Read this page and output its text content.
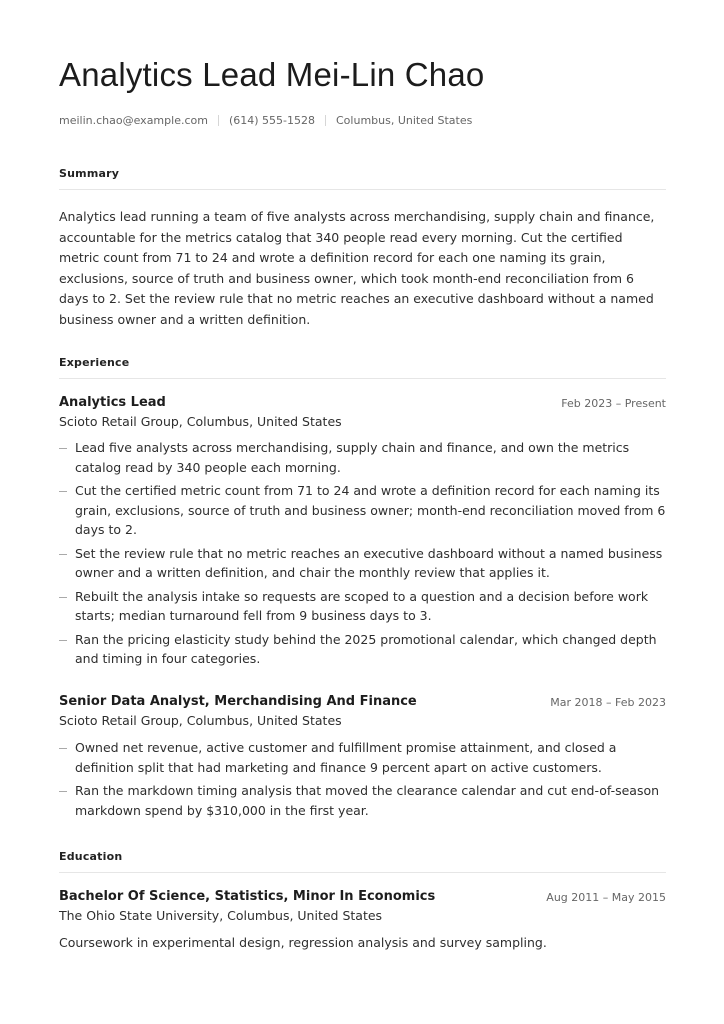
Analytics Lead Mei-Lin Chao
meilin.chao@example.com (614) 555-1528 Columbus, United States
Summary

Analytics lead running a team of five analysts across merchandising, supply chain and finance, accountable for the metrics catalog that 340 people read every morning. Cut the certified metric count from 71 to 24 and wrote a definition record for each one naming its grain, exclusions, source of truth and business owner, which took month-end reconciliation from 6 days to 2. Set the review rule that no metric reaches an executive dashboard without a named business owner and a written definition.

Experience
Analytics Lead	Feb 2023 – Present
Scioto Retail Group, Columbus, United States
Lead five analysts across merchandising, supply chain and finance, and own the metrics catalog read by 340 people each morning.
Cut the certified metric count from 71 to 24 and wrote a definition record for each naming its grain, exclusions, source of truth and business owner; month-end reconciliation moved from 6 days to 2.
Set the review rule that no metric reaches an executive dashboard without a named business owner and a written definition, and chair the monthly review that applies it.
Rebuilt the analysis intake so requests are scoped to a question and a decision before work starts; median turnaround fell from 9 business days to 3.
Ran the pricing elasticity study behind the 2025 promotional calendar, which changed depth and timing in four categories.
Senior Data Analyst, Merchandising And Finance	Mar 2018 – Feb 2023
Scioto Retail Group, Columbus, United States
Owned net revenue, active customer and fulfillment promise attainment, and closed a definition split that had marketing and finance 9 percent apart on active customers.
Ran the markdown timing analysis that moved the clearance calendar and cut end-of-season markdown spend by $310,000 in the first year.
Education
Bachelor Of Science, Statistics, Minor In Economics	Aug 2011 – May 2015
The Ohio State University, Columbus, United States
Coursework in experimental design, regression analysis and survey sampling.
